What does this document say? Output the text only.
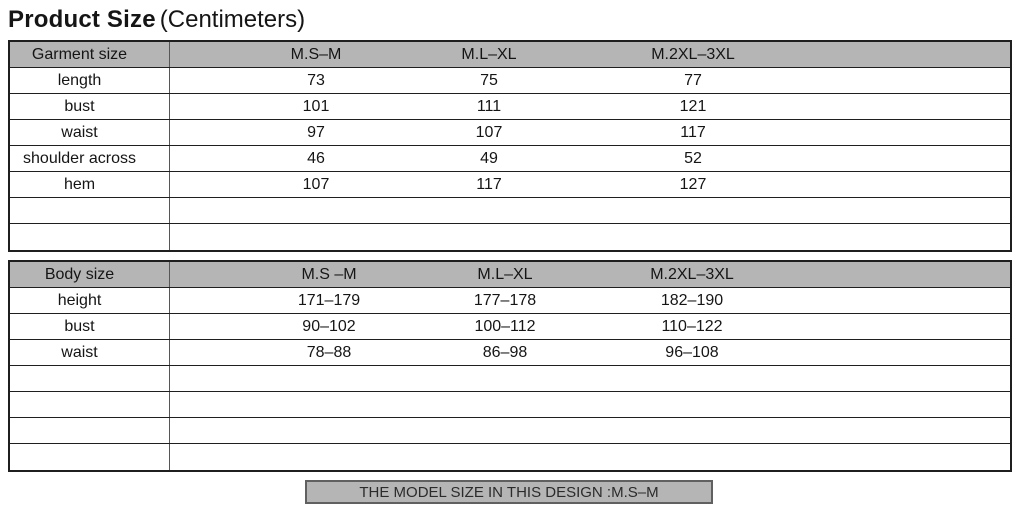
Product Size (Centimeters)
Garment size	M.S–M	M.L–XL	M.2XL–3XL
length	73	75	77
bust	101	111	121
waist	97	107	117
shoulder across	46	49	52
hem	107	117	127
Body size	M.S –M	M.L–XL	M.2XL–3XL
height	171–179	177–178	182–190
bust	90–102	100–112	110–122
waist	78–88	86–98	96–108
THE MODEL SIZE IN THIS DESIGN :M.S–M
